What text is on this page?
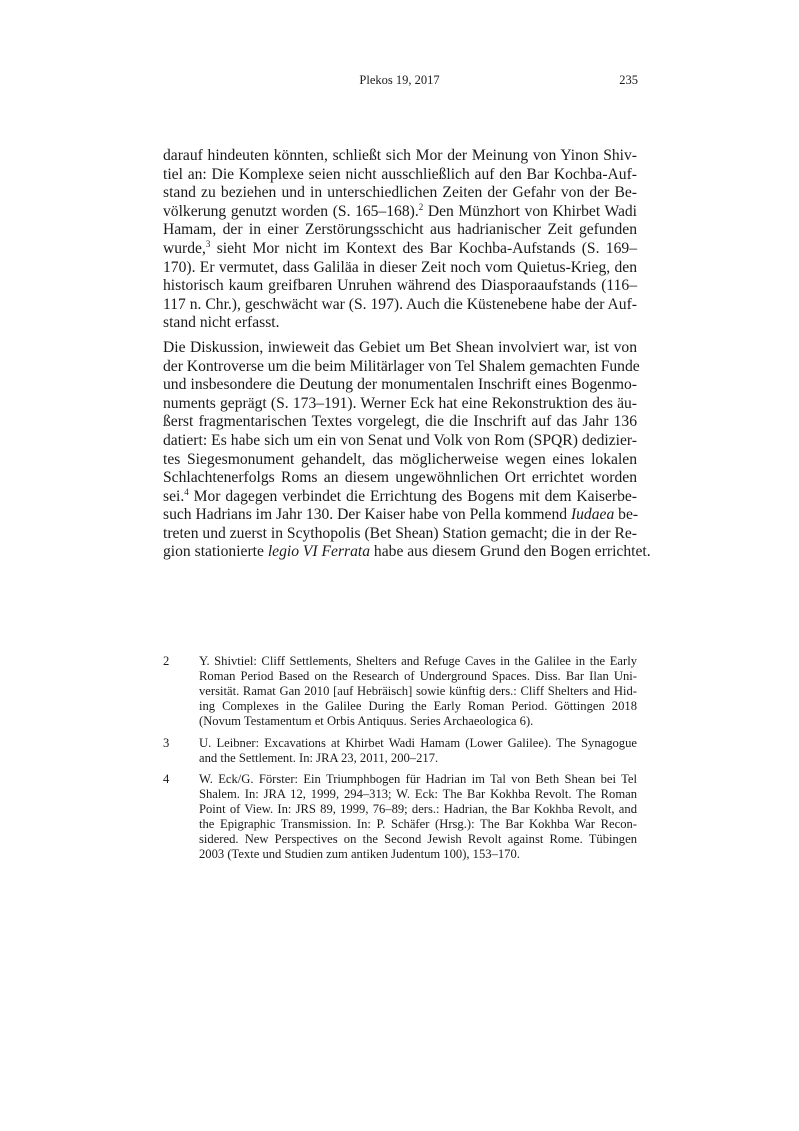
Plekos 19, 2017	235
darauf hindeuten könnten, schließt sich Mor der Meinung von Yinon Shiv-
tiel an: Die Komplexe seien nicht ausschließlich auf den Bar Kochba-Auf-
stand zu beziehen und in unterschiedlichen Zeiten der Gefahr von der Be-
völkerung genutzt worden (S. 165–168).$^2$ Den Münzhort von Khirbet Wadi
Hamam, der in einer Zerstörungsschicht aus hadrianischer Zeit gefunden
wurde,$^3$ sieht Mor nicht im Kontext des Bar Kochba-Aufstands (S. 169–
170). Er vermutet, dass Galiläa in dieser Zeit noch vom Quietus-Krieg, den
historisch kaum greifbaren Unruhen während des Diasporaaufstands (116–
117 n. Chr.), geschwächt war (S. 197). Auch die Küstenebene habe der Auf-
stand nicht erfasst.
Die Diskussion, inwieweit das Gebiet um Bet Shean involviert war, ist von
der Kontroverse um die beim Militärlager von Tel Shalem gemachten Funde
und insbesondere die Deutung der monumentalen Inschrift eines Bogenmo-
numents geprägt (S. 173–191). Werner Eck hat eine Rekonstruktion des äu-
ßerst fragmentarischen Textes vorgelegt, die die Inschrift auf das Jahr 136
datiert: Es habe sich um ein von Senat und Volk von Rom (SPQR) dedizier-
tes Siegesmonument gehandelt, das möglicherweise wegen eines lokalen
Schlachtenerfolgs Roms an diesem ungewöhnlichen Ort errichtet worden
sei.$^4$ Mor dagegen verbindet die Errichtung des Bogens mit dem Kaiserbe-
such Hadrians im Jahr 130. Der Kaiser habe von Pella kommend Iudaea be-
treten und zuerst in Scythopolis (Bet Shean) Station gemacht; die in der Re-
gion stationierte legio VI Ferrata habe aus diesem Grund den Bogen errichtet.
2 Y. Shivtiel: Cliff Settlements, Shelters and Refuge Caves in the Galilee in the Early
Roman Period Based on the Research of Underground Spaces. Diss. Bar Ilan Uni-
versität. Ramat Gan 2010 [auf Hebräisch] sowie künftig ders.: Cliff Shelters and Hid-
ing Complexes in the Galilee During the Early Roman Period. Göttingen 2018
(Novum Testamentum et Orbis Antiquus. Series Archaeologica 6).
3 U. Leibner: Excavations at Khirbet Wadi Hamam (Lower Galilee). The Synagogue
and the Settlement. In: JRA 23, 2011, 200–217.
4 W. Eck/G. Förster: Ein Triumphbogen für Hadrian im Tal von Beth Shean bei Tel
Shalem. In: JRA 12, 1999, 294–313; W. Eck: The Bar Kokhba Revolt. The Roman
Point of View. In: JRS 89, 1999, 76–89; ders.: Hadrian, the Bar Kokhba Revolt, and
the Epigraphic Transmission. In: P. Schäfer (Hrsg.): The Bar Kokhba War Recon-
sidered. New Perspectives on the Second Jewish Revolt against Rome. Tübingen
2003 (Texte und Studien zum antiken Judentum 100), 153–170.
